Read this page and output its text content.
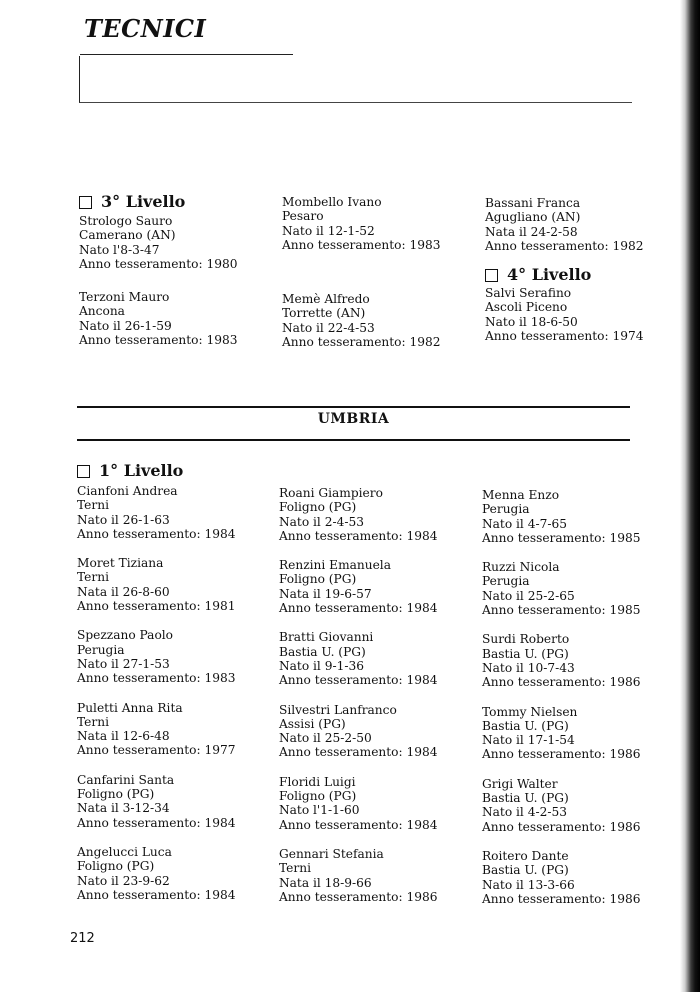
TECNICI
3° Livello
Strologo Sauro
Camerano (AN)
Nato l'8-3-47
Anno tesseramento: 1980
Terzoni Mauro
Ancona
Nato il 26-1-59
Anno tesseramento: 1983
Mombello Ivano
Pesaro
Nato il 12-1-52
Anno tesseramento: 1983
Memè Alfredo
Torrette (AN)
Nato il 22-4-53
Anno tesseramento: 1982
Bassani Franca
Agugliano (AN)
Nata il 24-2-58
Anno tesseramento: 1982
4° Livello
Salvi Serafino
Ascoli Piceno
Nato il 18-6-50
Anno tesseramento: 1974
UMBRIA
1° Livello
Cianfoni Andrea
Terni
Nato il 26-1-63
Anno tesseramento: 1984
Moret Tiziana
Terni
Nata il 26-8-60
Anno tesseramento: 1981
Spezzano Paolo
Perugia
Nato il 27-1-53
Anno tesseramento: 1983
Puletti Anna Rita
Terni
Nata il 12-6-48
Anno tesseramento: 1977
Canfarini Santa
Foligno (PG)
Nata il 3-12-34
Anno tesseramento: 1984
Angelucci Luca
Foligno (PG)
Nato il 23-9-62
Anno tesseramento: 1984
Roani Giampiero
Foligno (PG)
Nato il 2-4-53
Anno tesseramento: 1984
Renzini Emanuela
Foligno (PG)
Nata il 19-6-57
Anno tesseramento: 1984
Bratti Giovanni
Bastia U. (PG)
Nato il 9-1-36
Anno tesseramento: 1984
Silvestri Lanfranco
Assisi (PG)
Nato il 25-2-50
Anno tesseramento: 1984
Floridi Luigi
Foligno (PG)
Nato l'1-1-60
Anno tesseramento: 1984
Gennari Stefania
Terni
Nata il 18-9-66
Anno tesseramento: 1986
Menna Enzo
Perugia
Nato il 4-7-65
Anno tesseramento: 1985
Ruzzi Nicola
Perugia
Nato il 25-2-65
Anno tesseramento: 1985
Surdi Roberto
Bastia U. (PG)
Nato il 10-7-43
Anno tesseramento: 1986
Tommy Nielsen
Bastia U. (PG)
Nato il 17-1-54
Anno tesseramento: 1986
Grigi Walter
Bastia U. (PG)
Nato il 4-2-53
Anno tesseramento: 1986
Roitero Dante
Bastia U. (PG)
Nato il 13-3-66
Anno tesseramento: 1986
212
